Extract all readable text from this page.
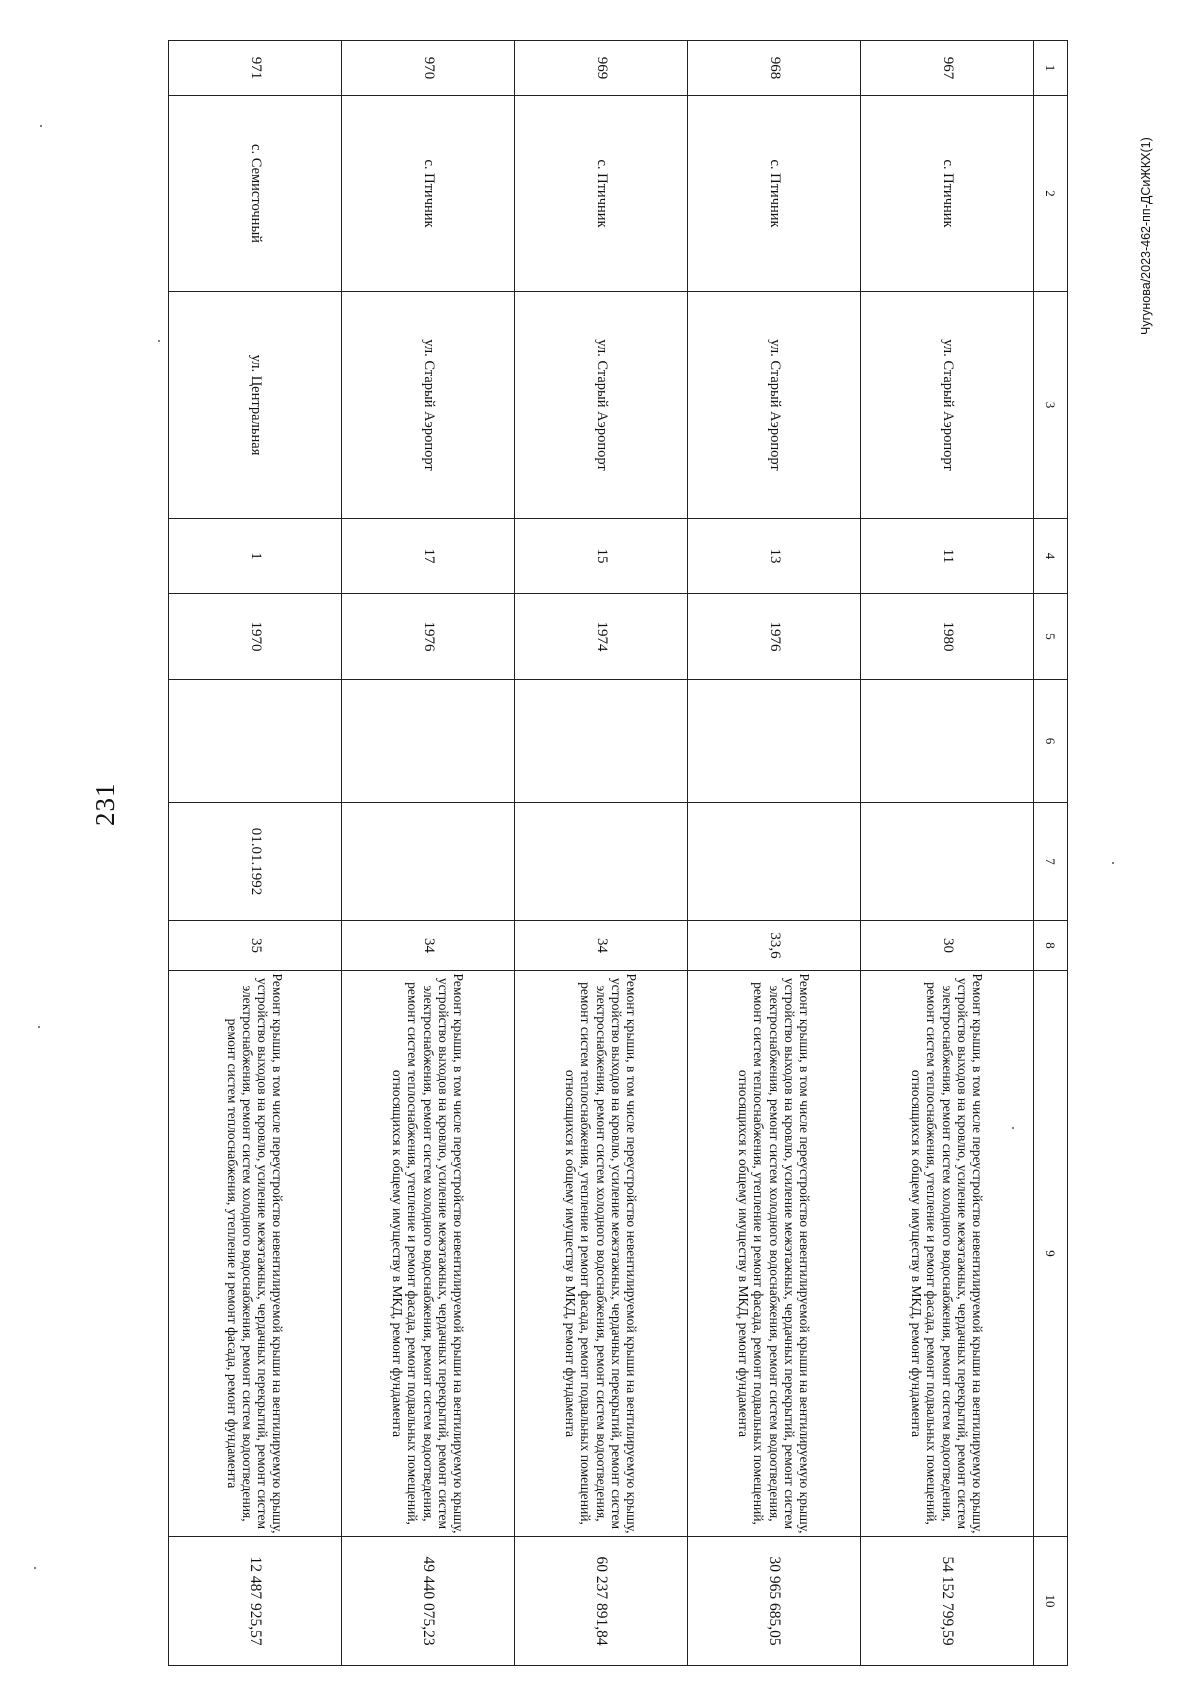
231
Чугунова/2023-462-пп-ДСиЖКХ(1)
1	2	3	4	5	6	7	8	9	10
967	с. Птичник	ул. Старый Аэропорт	11	1980			30	Ремонт крыши, в том числе переустройство невентилируемой крыши на вентилируемую крышу, устройство выходов на кровлю, усиление межэтажных, чердачных перекрытий, ремонт систем электроснабжения, ремонт систем холодного водоснабжения, ремонт систем водоотведения, ремонт систем теплоснабжения, утепление и ремонт фасада, ремонт подвальных помещений, относящихся к общему имуществу в МКД, ремонт фундамента	54 152 799,59
968	с. Птичник	ул. Старый Аэропорт	13	1976			33,6	Ремонт крыши, в том числе переустройство невентилируемой крыши на вентилируемую крышу, устройство выходов на кровлю, усиление межэтажных, чердачных перекрытий, ремонт систем электроснабжения, ремонт систем холодного водоснабжения, ремонт систем водоотведения, ремонт систем теплоснабжения, утепление и ремонт фасада, ремонт подвальных помещений, относящихся к общему имуществу в МКД, ремонт фундамента	30 965 685,05
969	с. Птичник	ул. Старый Аэропорт	15	1974			34	Ремонт крыши, в том числе переустройство невентилируемой крыши на вентилируемую крышу, устройство выходов на кровлю, усиление межэтажных, чердачных перекрытий, ремонт систем электроснабжения, ремонт систем холодного водоснабжения, ремонт систем водоотведения, ремонт систем теплоснабжения, утепление и ремонт фасада, ремонт подвальных помещений, относящихся к общему имуществу в МКД, ремонт фундамента	60 237 891,84
970	с. Птичник	ул. Старый Аэропорт	17	1976			34	Ремонт крыши, в том числе переустройство невентилируемой крыши на вентилируемую крышу, устройство выходов на кровлю, усиление межэтажных, чердачных перекрытий, ремонт систем электроснабжения, ремонт систем холодного водоснабжения, ремонт систем водоотведения, ремонт систем теплоснабжения, утепление и ремонт фасада, ремонт подвальных помещений, относящихся к общему имуществу в МКД, ремонт фундамента	49 440 075,23
971	с. Семисточный	ул. Центральная	1	1970		01.01.1992	35	Ремонт крыши, в том числе переустройство невентилируемой крыши на вентилируемую крышу, устройство выходов на кровлю, усиление межэтажных, чердачных перекрытий, ремонт систем электроснабжения, ремонт систем холодного водоснабжения, ремонт систем водоотведения, ремонт систем теплоснабжения, утепление и ремонт фасада, ремонт фундамента	12 487 925,57
